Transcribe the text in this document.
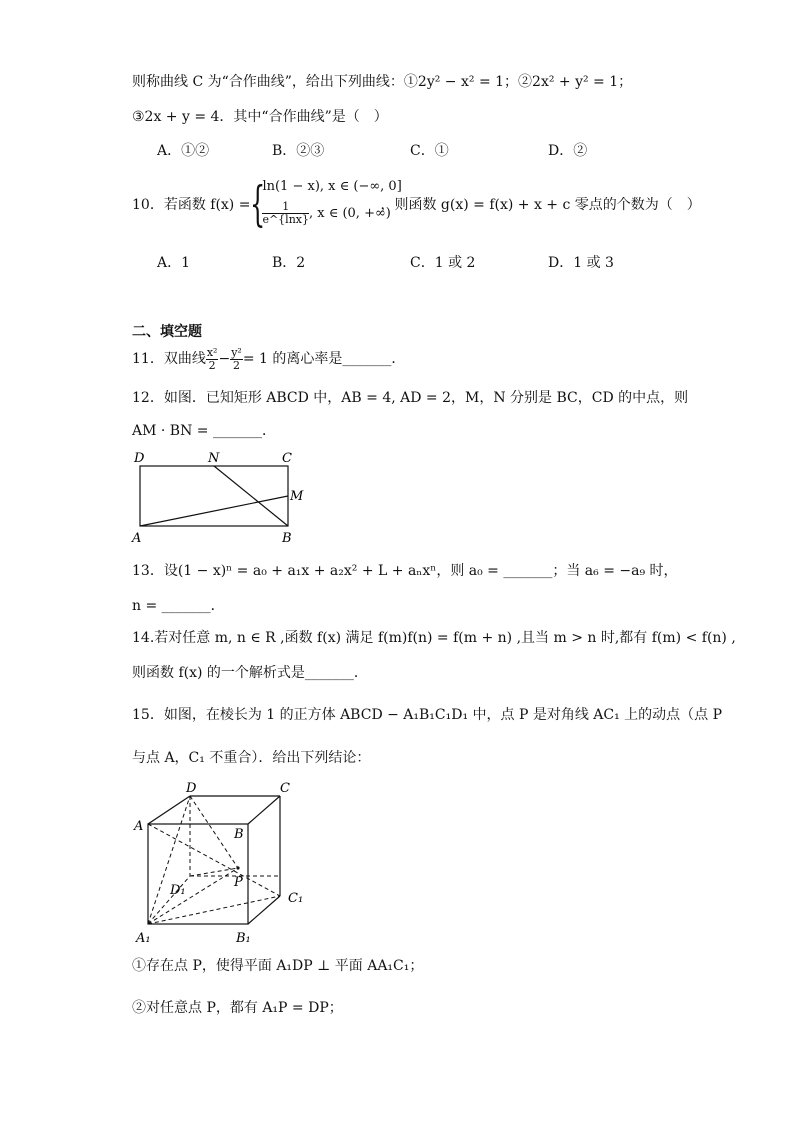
则称曲线 C 为“合作曲线”，给出下列曲线：①2y² − x² = 1；②2x² + y² = 1；
③2x + y = 4．其中“合作曲线”是（　）
A．①②	B．②③	C．①	D．②
10．若函数 f(x) = {
ln(1 − x), x ∈ (−∞, 0]
$\frac{1}{e\^{}\{\ln x\}}$ , x ∈ (0, +∞)
，则函数 g(x) = f(x) + x + c 零点的个数为（　）
A．1	B．2	C．1 或 2	D．1 或 3
二、填空题
11．双曲线 $\frac{\text{x²}}{2} - \frac{\text{y²}}{2} = 1$ 的离心率是_______．
12．如图．已知矩形 ABCD 中，AB = 4, AD = 2，M，N 分别是 BC，CD 的中点，则
AM · BN = _______．
D	N	C
M
A	B
13．设(1 − x)ⁿ = a₀ + a₁x + a₂x² + L + aₙxⁿ，则 a₀ = _______；当 a₆ = −a₉ 时，
n = _______．
14.若对任意 m, n ∈ R ,函数 f(x) 满足 f(m)f(n) = f(m + n) ,且当 m > n 时,都有 f(m) < f(n) ,
则函数 f(x) 的一个解析式是_______．
15．如图，在棱长为 1 的正方体 ABCD − A₁B₁C₁D₁ 中，点 P 是对角线 AC₁ 上的动点（点 P
与点 A，C₁ 不重合）．给出下列结论：
D	C
A
B
P
D₁
C₁
A₁	B₁
①存在点 P，使得平面 A₁DP ⊥ 平面 AA₁C₁；
②对任意点 P，都有 A₁P = DP；
